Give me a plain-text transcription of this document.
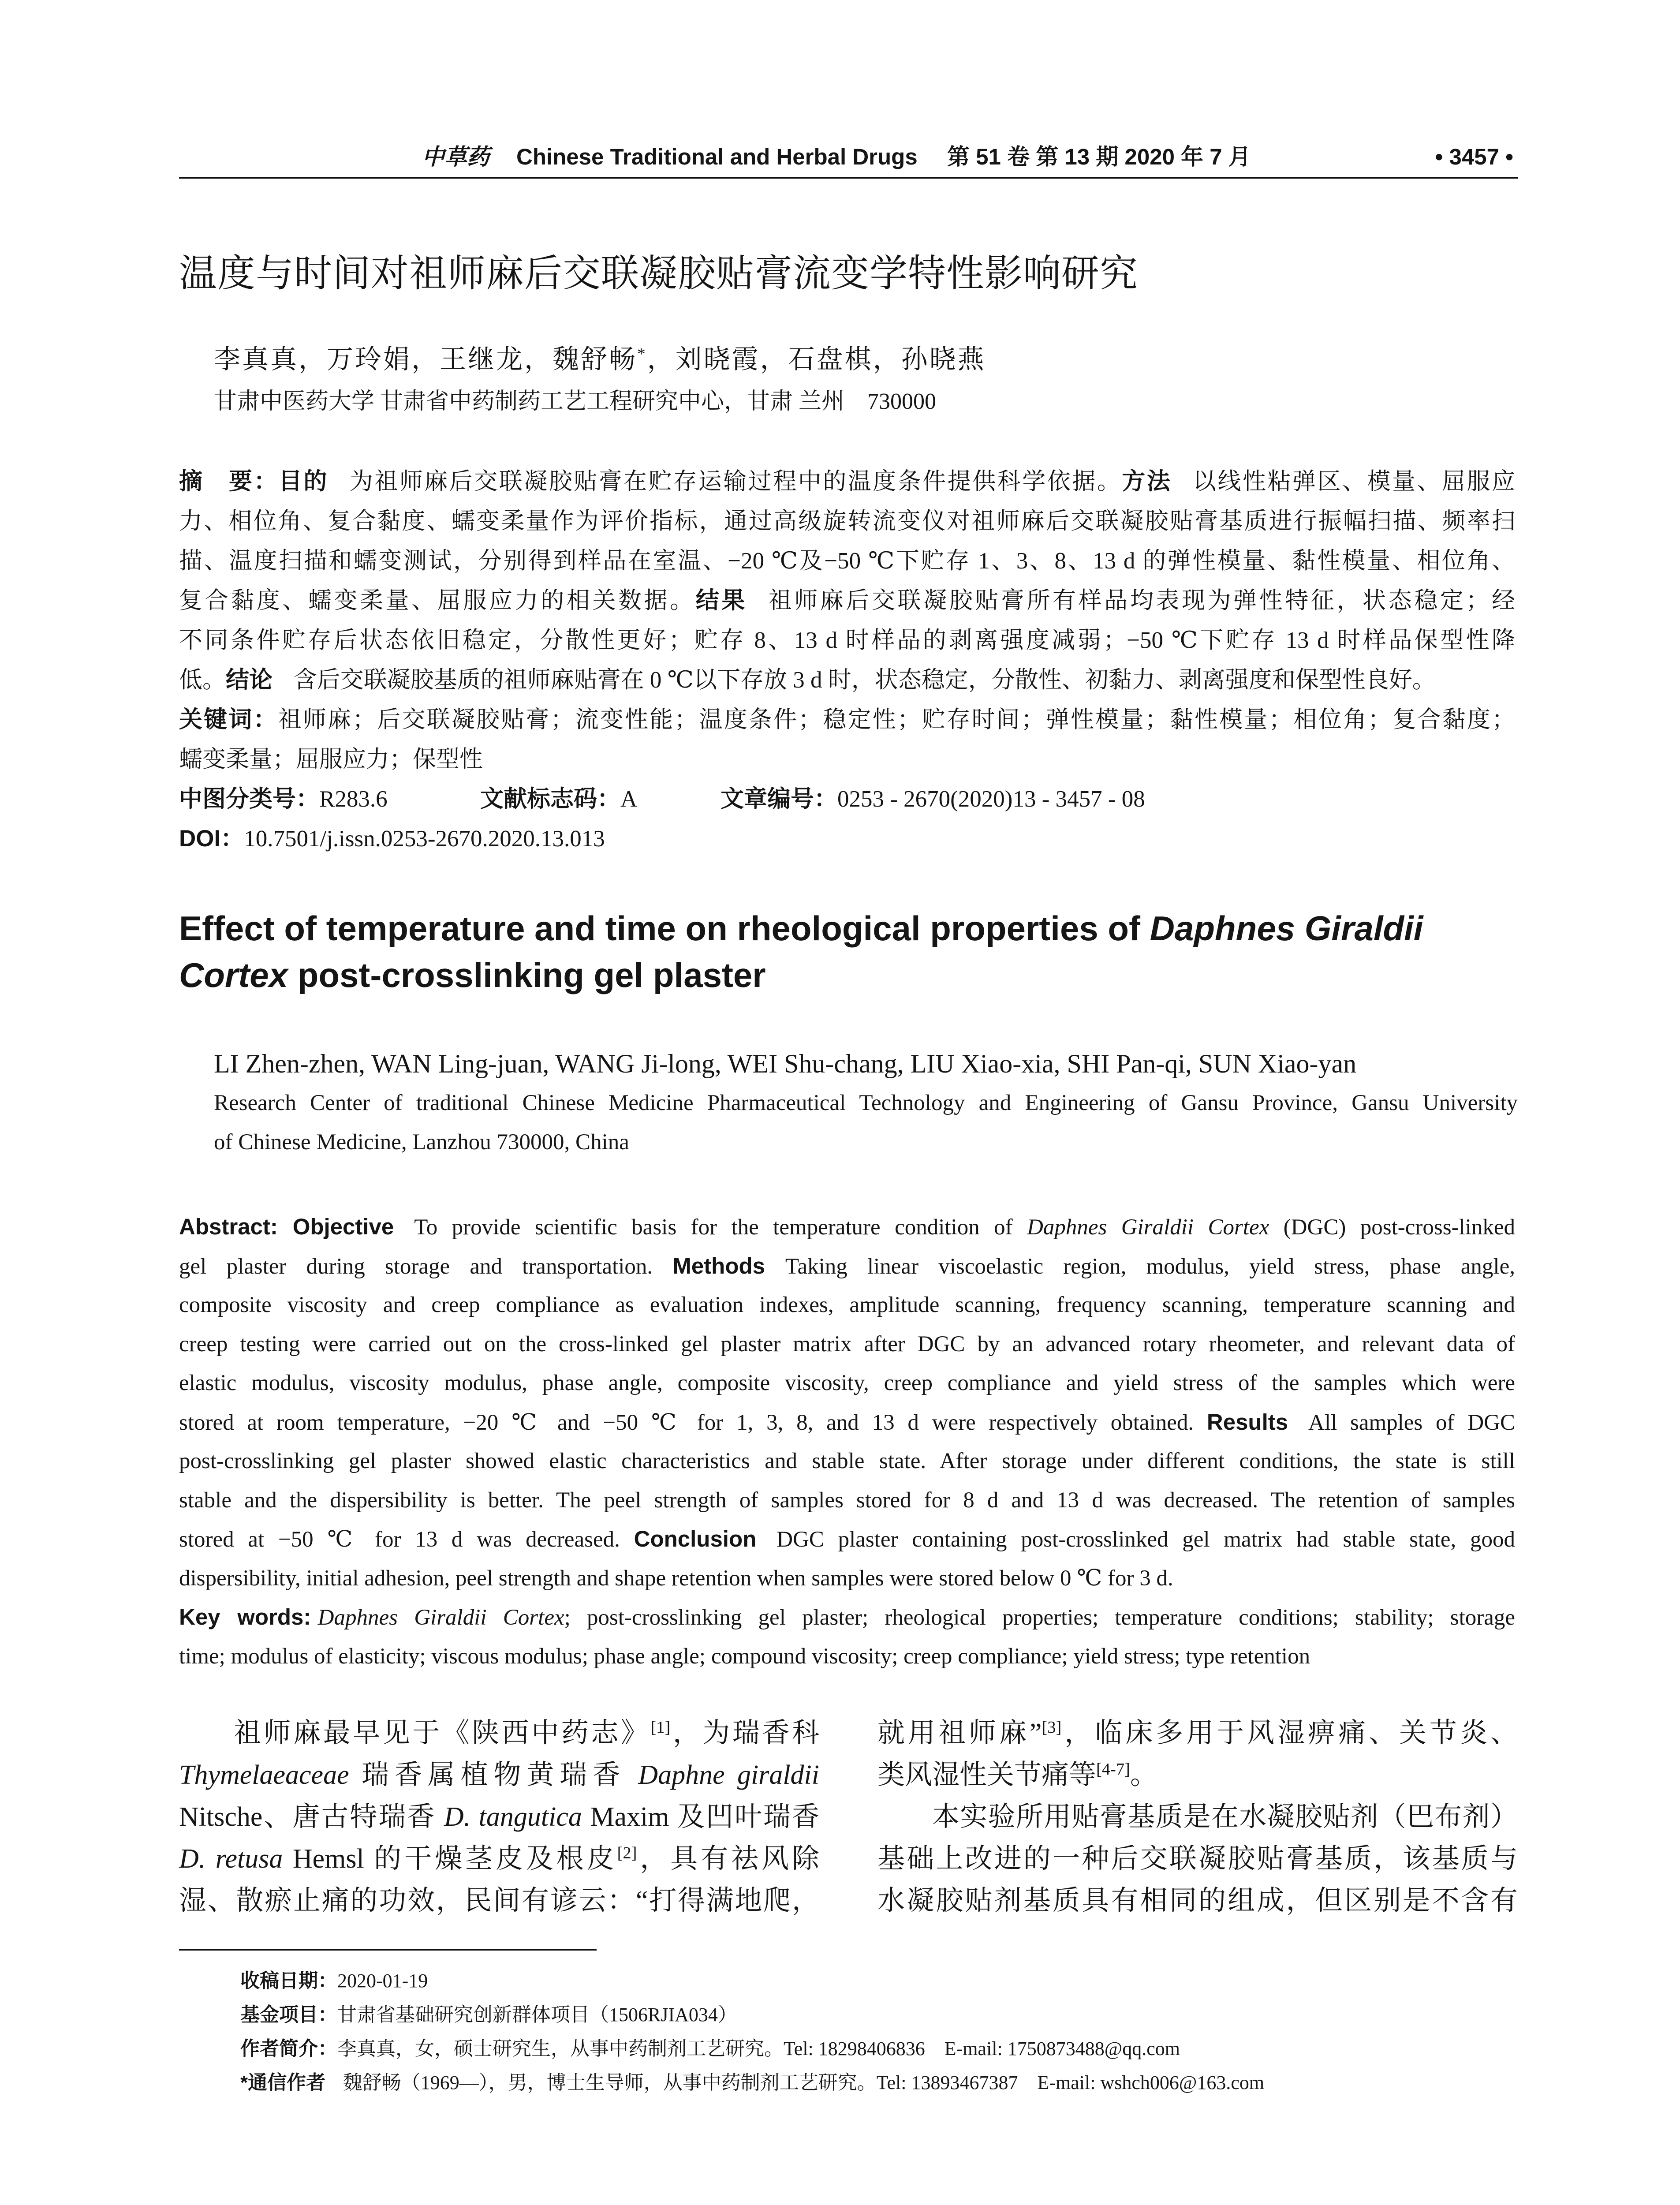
中草药 Chinese Traditional and Herbal Drugs 第 51 卷 第 13 期 2020 年 7 月	• 3457 •
温度与时间对祖师麻后交联凝胶贴膏流变学特性影响研究
李真真，万玲娟，王继龙，魏舒畅*，刘晓霞，石盘棋，孙晓燕
甘肃中医药大学 甘肃省中药制药工艺工程研究中心，甘肃 兰州　730000
摘　要：目的 为祖师麻后交联凝胶贴膏在贮存运输过程中的温度条件提供科学依据。方法 以线性粘弹区、模量、屈服应
力、相位角、复合黏度、蠕变柔量作为评价指标，通过高级旋转流变仪对祖师麻后交联凝胶贴膏基质进行振幅扫描、频率扫
描、温度扫描和蠕变测试，分别得到样品在室温、−20 ℃及−50 ℃下贮存 1、3、8、13 d 的弹性模量、黏性模量、相位角、
复合黏度、蠕变柔量、屈服应力的相关数据。结果 祖师麻后交联凝胶贴膏所有样品均表现为弹性特征，状态稳定；经
不同条件贮存后状态依旧稳定，分散性更好；贮存 8、13 d 时样品的剥离强度减弱；−50 ℃下贮存 13 d 时样品保型性降
低。结论 含后交联凝胶基质的祖师麻贴膏在 0 ℃以下存放 3 d 时，状态稳定，分散性、初黏力、剥离强度和保型性良好。
关键词：祖师麻；后交联凝胶贴膏；流变性能；温度条件；稳定性；贮存时间；弹性模量；黏性模量；相位角；复合黏度；
蠕变柔量；屈服应力；保型性
中图分类号：R283.6	文献标志码：A	文章编号：0253 - 2670(2020)13 - 3457 - 08
DOI：10.7501/j.issn.0253-2670.2020.13.013
Effect of temperature and time on rheological properties of Daphnes Giraldii
Cortex post-crosslinking gel plaster
LI Zhen-zhen, WAN Ling-juan, WANG Ji-long, WEI Shu-chang, LIU Xiao-xia, SHI Pan-qi, SUN Xiao-yan
Research Center of traditional Chinese Medicine Pharmaceutical Technology and Engineering of Gansu Province, Gansu University
of Chinese Medicine, Lanzhou 730000, China
Abstract: Objective To provide scientific basis for the temperature condition of Daphnes Giraldii Cortex (DGC) post-cross-linked
gel plaster during storage and transportation. Methods Taking linear viscoelastic region, modulus, yield stress, phase angle,
composite viscosity and creep compliance as evaluation indexes, amplitude scanning, frequency scanning, temperature scanning and
creep testing were carried out on the cross-linked gel plaster matrix after DGC by an advanced rotary rheometer, and relevant data of
elastic modulus, viscosity modulus, phase angle, composite viscosity, creep compliance and yield stress of the samples which were
stored at room temperature, −20 ℃ and −50 ℃ for 1, 3, 8, and 13 d were respectively obtained. Results All samples of DGC
post-crosslinking gel plaster showed elastic characteristics and stable state. After storage under different conditions, the state is still
stable and the dispersibility is better. The peel strength of samples stored for 8 d and 13 d was decreased. The retention of samples
stored at −50 ℃ for 13 d was decreased. Conclusion DGC plaster containing post-crosslinked gel matrix had stable state, good
dispersibility, initial adhesion, peel strength and shape retention when samples were stored below 0 ℃ for 3 d.
Key words: Daphnes Giraldii Cortex; post-crosslinking gel plaster; rheological properties; temperature conditions; stability; storage
time; modulus of elasticity; viscous modulus; phase angle; compound viscosity; creep compliance; yield stress; type retention
祖师麻最早见于《陕西中药志》[1]，为瑞香科
Thymelaeaceae 瑞香属植物黄瑞香 Daphne giraldii
Nitsche、唐古特瑞香 D. tangutica Maxim 及凹叶瑞香
D. retusa Hemsl 的干燥茎皮及根皮[2]，具有祛风除
湿、散瘀止痛的功效，民间有谚云：“打得满地爬，
就用祖师麻”[3]，临床多用于风湿痹痛、关节炎、
类风湿性关节痛等[4-7]。
本实验所用贴膏基质是在水凝胶贴剂（巴布剂）
基础上改进的一种后交联凝胶贴膏基质，该基质与
水凝胶贴剂基质具有相同的组成，但区别是不含有
收稿日期：2020-01-19
基金项目：甘肃省基础研究创新群体项目（1506RJIA034）
作者简介：李真真，女，硕士研究生，从事中药制剂工艺研究。Tel: 18298406836　E-mail: 1750873488@qq.com
*通信作者 魏舒畅（1969—），男，博士生导师，从事中药制剂工艺研究。Tel: 13893467387　E-mail: wshch006@163.com
